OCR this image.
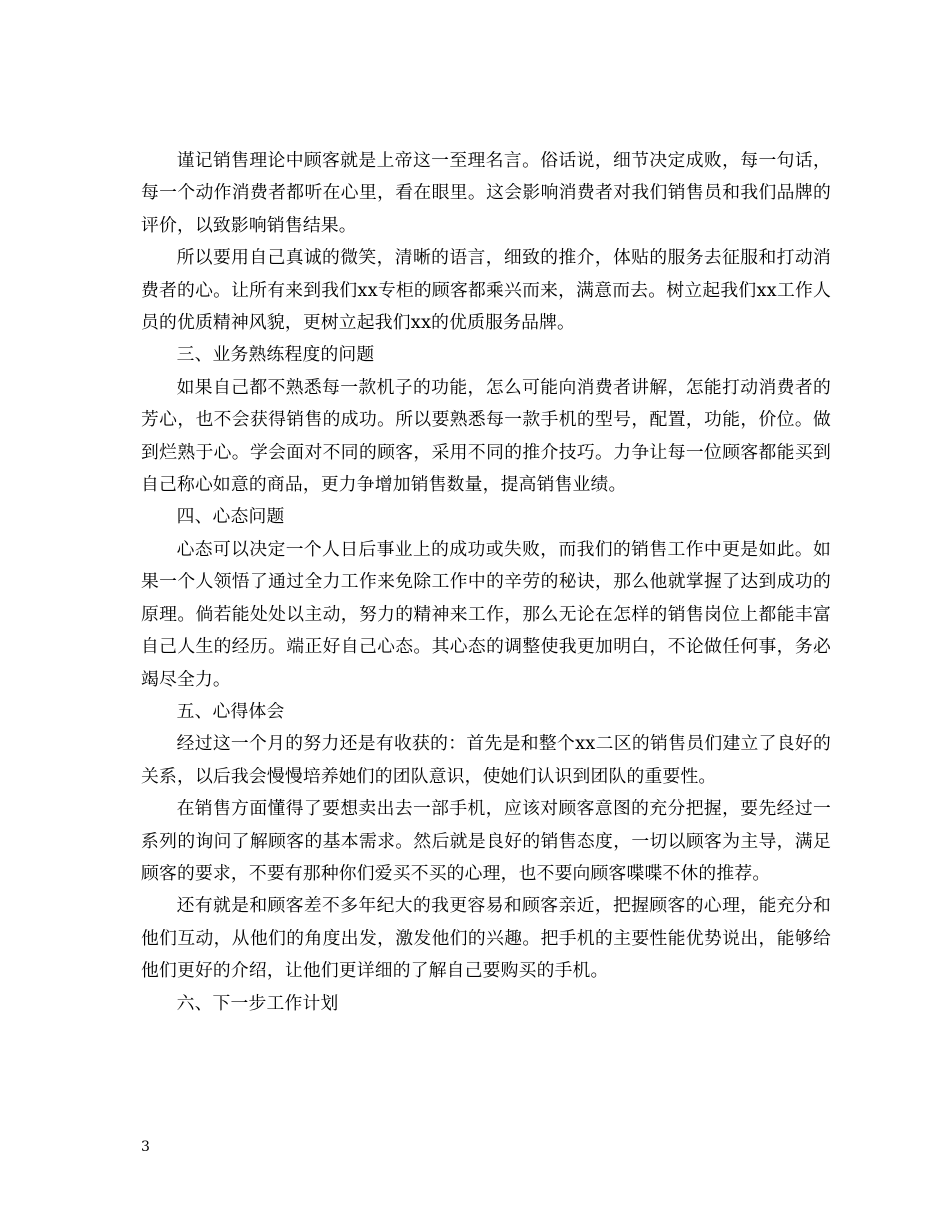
谨记销售理论中顾客就是上帝这一至理名言。俗话说，细节决定成败，每一句话，每一个动作消费者都听在心里，看在眼里。这会影响消费者对我们销售员和我们品牌的评价，以致影响销售结果。

所以要用自己真诚的微笑，清晰的语言，细致的推介，体贴的服务去征服和打动消费者的心。让所有来到我们xx专柜的顾客都乘兴而来，满意而去。树立起我们xx工作人员的优质精神风貌，更树立起我们xx的优质服务品牌。

三、业务熟练程度的问题

如果自己都不熟悉每一款机子的功能，怎么可能向消费者讲解，怎能打动消费者的芳心，也不会获得销售的成功。所以要熟悉每一款手机的型号，配置，功能，价位。做到烂熟于心。学会面对不同的顾客，采用不同的推介技巧。力争让每一位顾客都能买到自己称心如意的商品，更力争增加销售数量，提高销售业绩。

四、心态问题

心态可以决定一个人日后事业上的成功或失败，而我们的销售工作中更是如此。如果一个人领悟了通过全力工作来免除工作中的辛劳的秘诀，那么他就掌握了达到成功的原理。倘若能处处以主动，努力的精神来工作，那么无论在怎样的销售岗位上都能丰富自己人生的经历。端正好自己心态。其心态的调整使我更加明白，不论做任何事，务必竭尽全力。

五、心得体会

经过这一个月的努力还是有收获的：首先是和整个xx二区的销售员们建立了良好的关系，以后我会慢慢培养她们的团队意识，使她们认识到团队的重要性。

在销售方面懂得了要想卖出去一部手机，应该对顾客意图的充分把握，要先经过一系列的询问了解顾客的基本需求。然后就是良好的销售态度，一切以顾客为主导，满足顾客的要求，不要有那种你们爱买不买的心理，也不要向顾客喋喋不休的推荐。

还有就是和顾客差不多年纪大的我更容易和顾客亲近，把握顾客的心理，能充分和他们互动，从他们的角度出发，激发他们的兴趣。把手机的主要性能优势说出，能够给他们更好的介绍，让他们更详细的了解自己要购买的手机。

六、下一步工作计划

3
